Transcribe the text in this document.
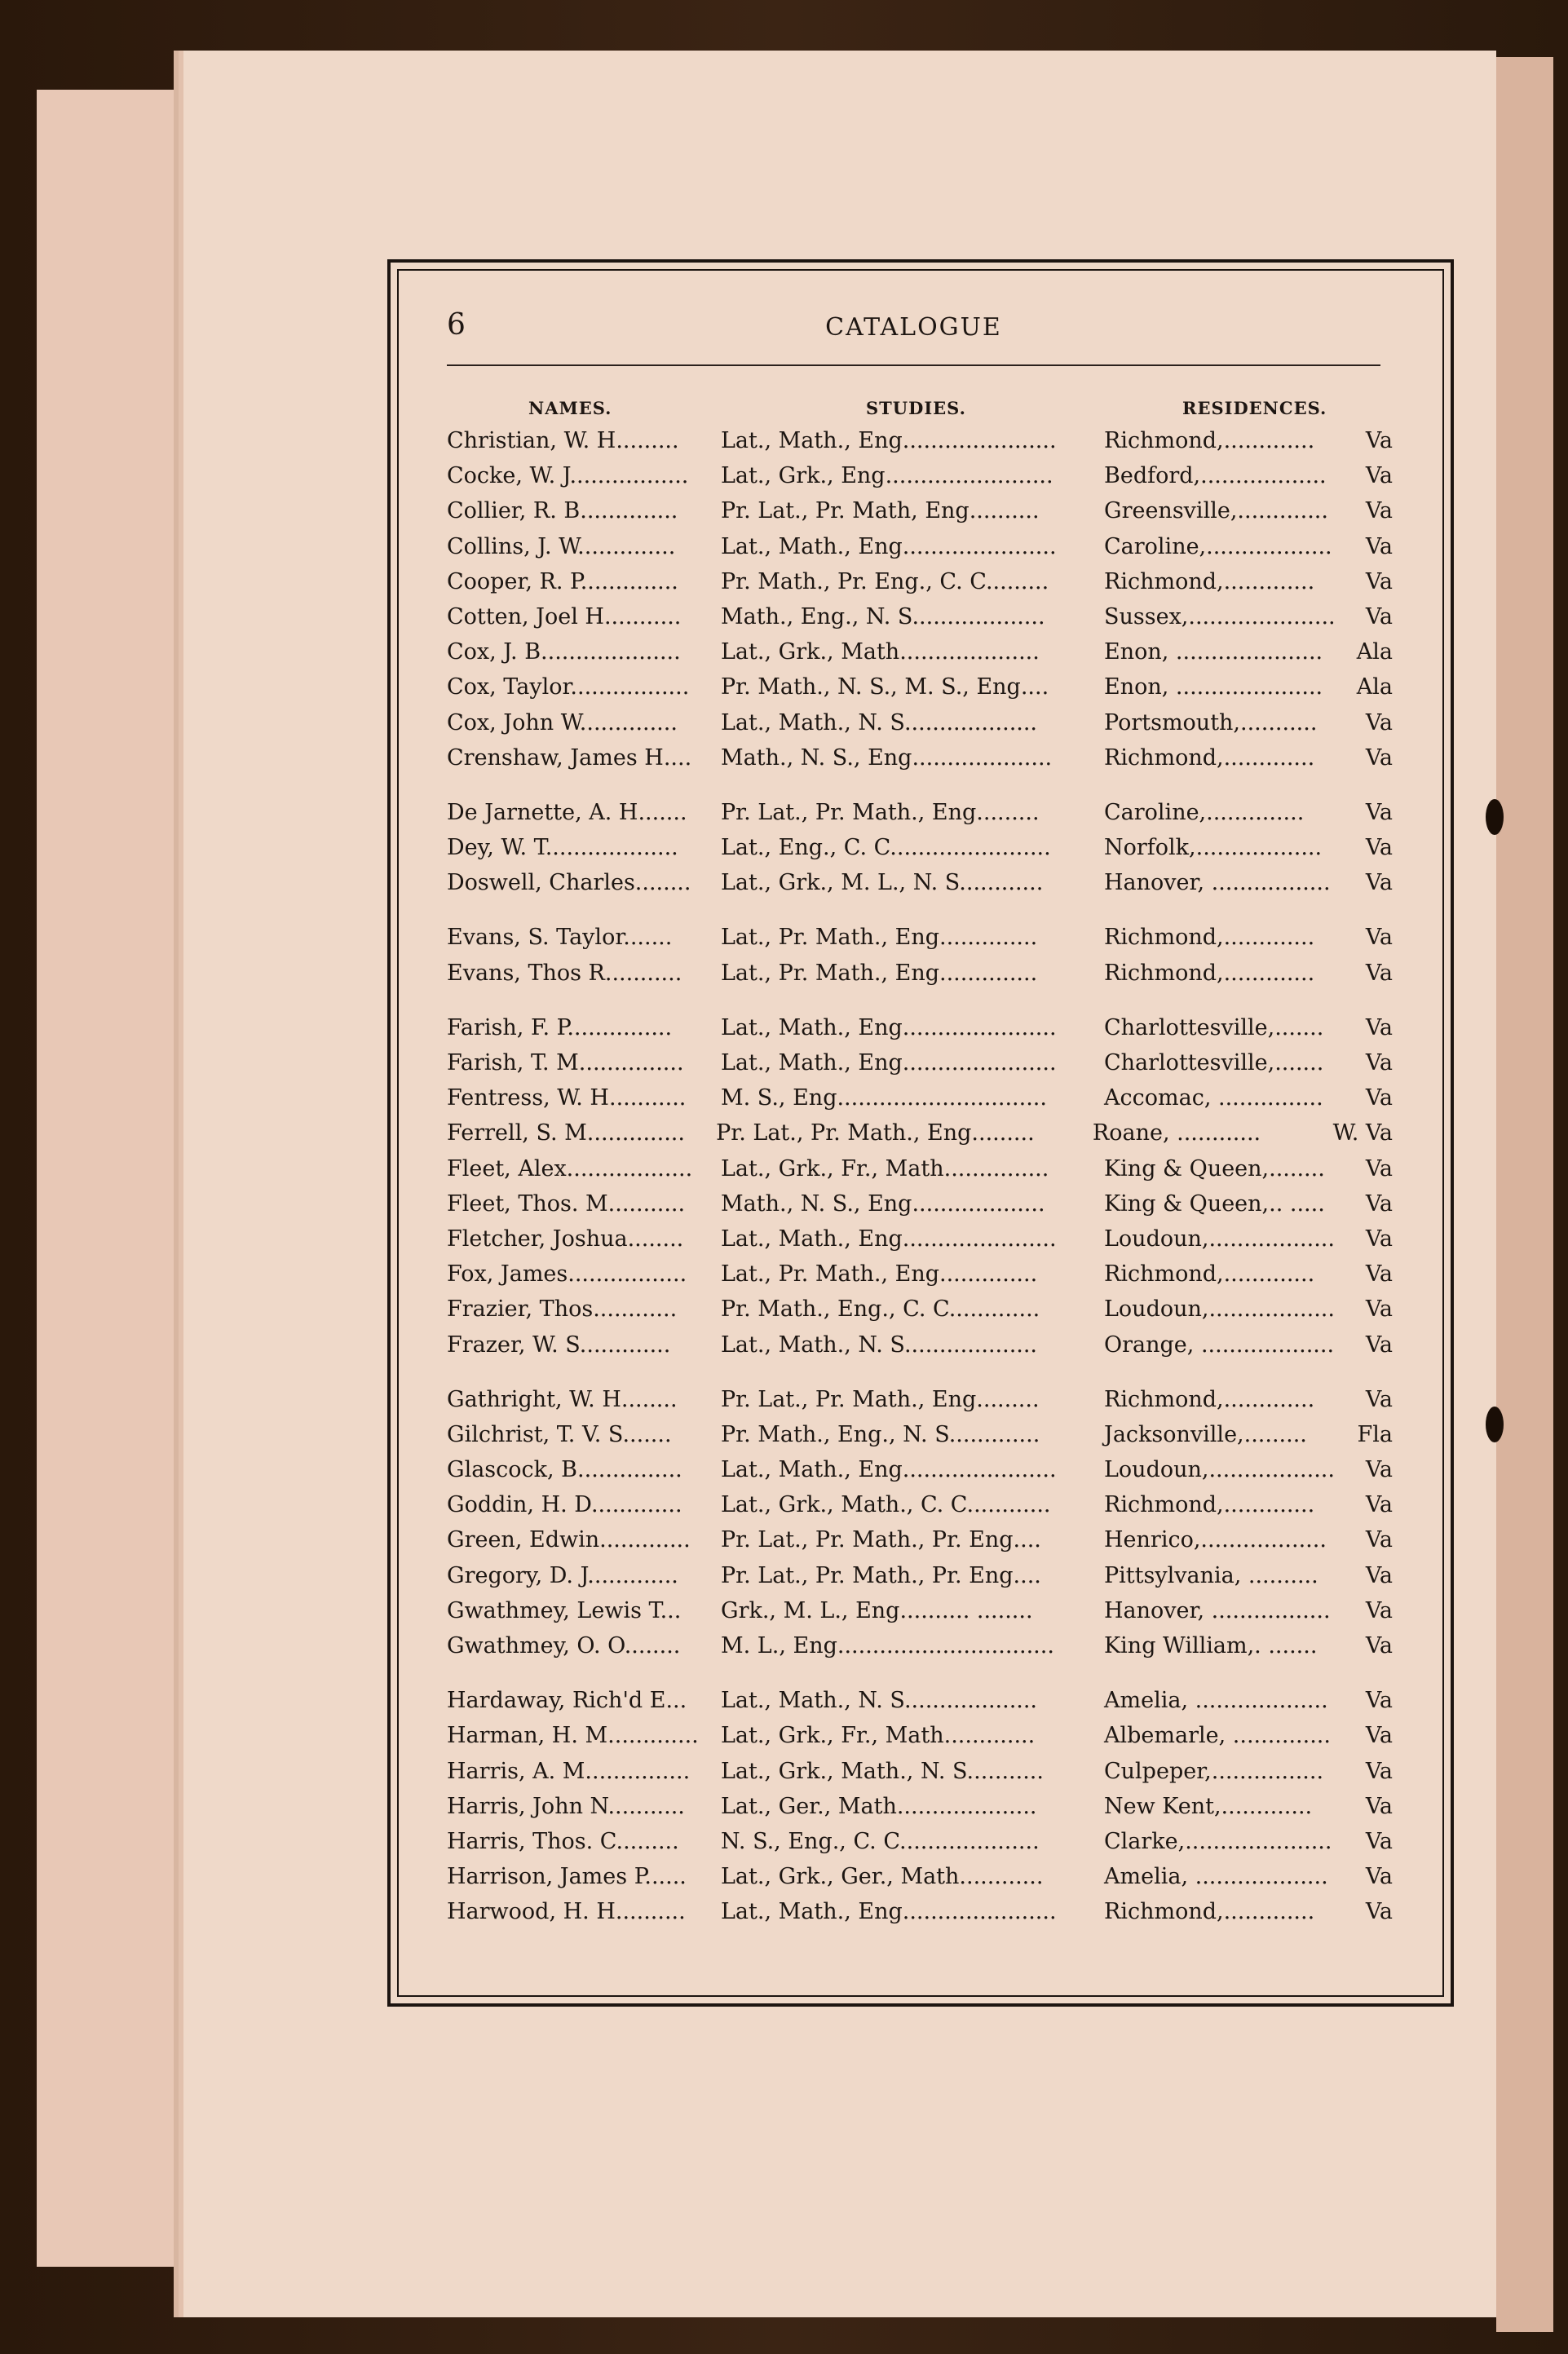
6	CATALOGUE
NAMES.	STUDIES.	RESIDENCES.
Christian, W. H.........	Lat., Math., Eng......................	Richmond,.............	Va
Cocke, W. J.................	Lat., Grk., Eng........................	Bedford,..................	Va
Collier, R. B..............	Pr. Lat., Pr. Math, Eng..........	Greensville,.............	Va
Collins, J. W..............	Lat., Math., Eng......................	Caroline,..................	Va
Cooper, R. P..............	Pr. Math., Pr. Eng., C. C.........	Richmond,.............	Va
Cotten, Joel H...........	Math., Eng., N. S...................	Sussex,.....................	Va
Cox, J. B....................	Lat., Grk., Math....................	Enon, .....................	Ala
Cox, Taylor.................	Pr. Math., N. S., M. S., Eng....	Enon, .....................	Ala
Cox, John W..............	Lat., Math., N. S...................	Portsmouth,...........	Va
Crenshaw, James H....	Math., N. S., Eng....................	Richmond,.............	Va
De Jarnette, A. H.......	Pr. Lat., Pr. Math., Eng.........	Caroline,..............	Va
Dey, W. T...................	Lat., Eng., C. C.......................	Norfolk,..................	Va
Doswell, Charles........	Lat., Grk., M. L., N. S............	Hanover, .................	Va
Evans, S. Taylor.......	Lat., Pr. Math., Eng..............	Richmond,.............	Va
Evans, Thos R...........	Lat., Pr. Math., Eng..............	Richmond,.............	Va
Farish, F. P...............	Lat., Math., Eng......................	Charlottesville,.......	Va
Farish, T. M...............	Lat., Math., Eng......................	Charlottesville,.......	Va
Fentress, W. H...........	M. S., Eng..............................	Accomac, ...............	Va
Ferrell, S. M..............	Pr. Lat., Pr. Math., Eng.........	Roane, ............	W. Va
Fleet, Alex..................	Lat., Grk., Fr., Math...............	King & Queen,........	Va
Fleet, Thos. M...........	Math., N. S., Eng...................	King & Queen,.. .....	Va
Fletcher, Joshua........	Lat., Math., Eng......................	Loudoun,..................	Va
Fox, James.................	Lat., Pr. Math., Eng..............	Richmond,.............	Va
Frazier, Thos............	Pr. Math., Eng., C. C.............	Loudoun,..................	Va
Frazer, W. S.............	Lat., Math., N. S...................	Orange, ...................	Va
Gathright, W. H........	Pr. Lat., Pr. Math., Eng.........	Richmond,.............	Va
Gilchrist, T. V. S.......	Pr. Math., Eng., N. S.............	Jacksonville,.........	Fla
Glascock, B...............	Lat., Math., Eng......................	Loudoun,..................	Va
Goddin, H. D.............	Lat., Grk., Math., C. C............	Richmond,.............	Va
Green, Edwin.............	Pr. Lat., Pr. Math., Pr. Eng....	Henrico,..................	Va
Gregory, D. J.............	Pr. Lat., Pr. Math., Pr. Eng....	Pittsylvania, ..........	Va
Gwathmey, Lewis T...	Grk., M. L., Eng.......... ........	Hanover, .................	Va
Gwathmey, O. O........	M. L., Eng...............................	King William,. .......	Va
Hardaway, Rich'd E...	Lat., Math., N. S...................	Amelia, ...................	Va
Harman, H. M.............	Lat., Grk., Fr., Math.............	Albemarle, ..............	Va
Harris, A. M...............	Lat., Grk., Math., N. S...........	Culpeper,................	Va
Harris, John N...........	Lat., Ger., Math....................	New Kent,.............	Va
Harris, Thos. C.........	N. S., Eng., C. C....................	Clarke,.....................	Va
Harrison, James P......	Lat., Grk., Ger., Math............	Amelia, ...................	Va
Harwood, H. H..........	Lat., Math., Eng......................	Richmond,.............	Va
